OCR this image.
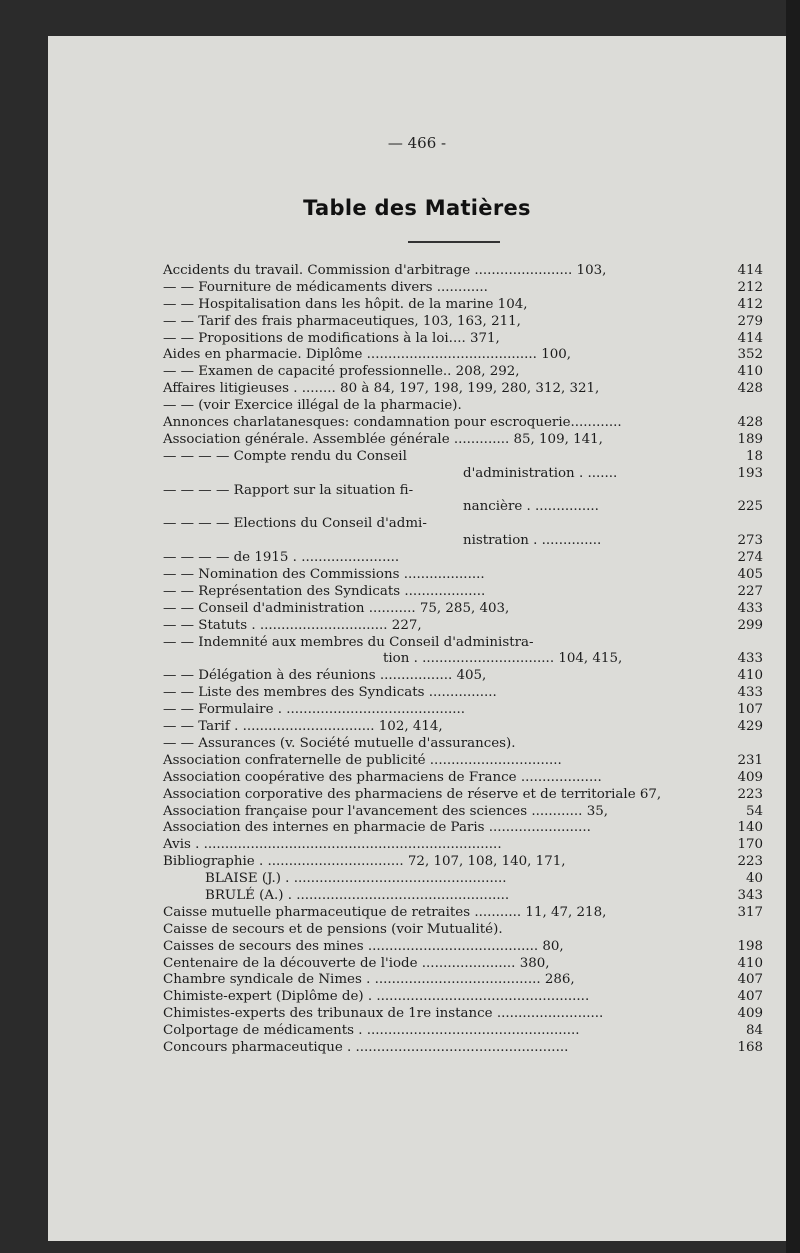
— 466 -
Table des Matières
Accidents du travail. Commission d'arbitrage ....................... 103,	414
— — Fourniture de médicaments divers ............	212
— — Hospitalisation dans les hôpit. de la marine 104,	412
— — Tarif des frais pharmaceutiques, 103, 163, 211,	279
— — Propositions de modifications à la loi.... 371,	414
Aides en pharmacie. Diplôme ........................................ 100,	352
— — Examen de capacité professionnelle.. 208, 292,	410
Affaires litigieuses . ........ 80 à 84, 197, 198, 199, 280, 312, 321,	428
— — (voir Exercice illégal de la pharmacie).
Annonces charlatanesques: condamnation pour escroquerie............	428
Association générale. Assemblée générale ............. 85, 109, 141,	189
— — — — Compte rendu du Conseil	18
d'administration . .......	193
— — — — Rapport sur la situation fi-
nancière . ...............	225
— — — — Elections du Conseil d'admi-
nistration . ..............	273
— — — — de 1915 . .......................	274
— — Nomination des Commissions ...................	405
— — Représentation des Syndicats ...................	227
— — Conseil d'administration ........... 75, 285, 403,	433
— — Statuts . .............................. 227,	299
— — Indemnité aux membres du Conseil d'administra-
tion . ............................... 104, 415,	433
— — Délégation à des réunions ................. 405,	410
— — Liste des membres des Syndicats ................	433
— — Formulaire . ..........................................	107
— — Tarif . ............................... 102, 414,	429
— — Assurances (v. Société mutuelle d'assurances).
Association confraternelle de publicité ...............................	231
Association coopérative des pharmaciens de France ...................	409
Association corporative des pharmaciens de réserve et de territoriale 67,	223
Association française pour l'avancement des sciences ............ 35,	54
Association des internes en pharmacie de Paris ........................	140
Avis . ......................................................................	170
Bibliographie . ................................ 72, 107, 108, 140, 171,	223
BLAISE (J.) . ..................................................	40
BRULÉ (A.) . ..................................................	343
Caisse mutuelle pharmaceutique de retraites ........... 11, 47, 218,	317
Caisse de secours et de pensions (voir Mutualité).
Caisses de secours des mines ........................................ 80,	198
Centenaire de la découverte de l'iode ...................... 380,	410
Chambre syndicale de Nimes . ....................................... 286,	407
Chimiste-expert (Diplôme de) . ..................................................	407
Chimistes-experts des tribunaux de 1re instance .........................	409
Colportage de médicaments . ..................................................	84
Concours pharmaceutique . ..................................................	168
